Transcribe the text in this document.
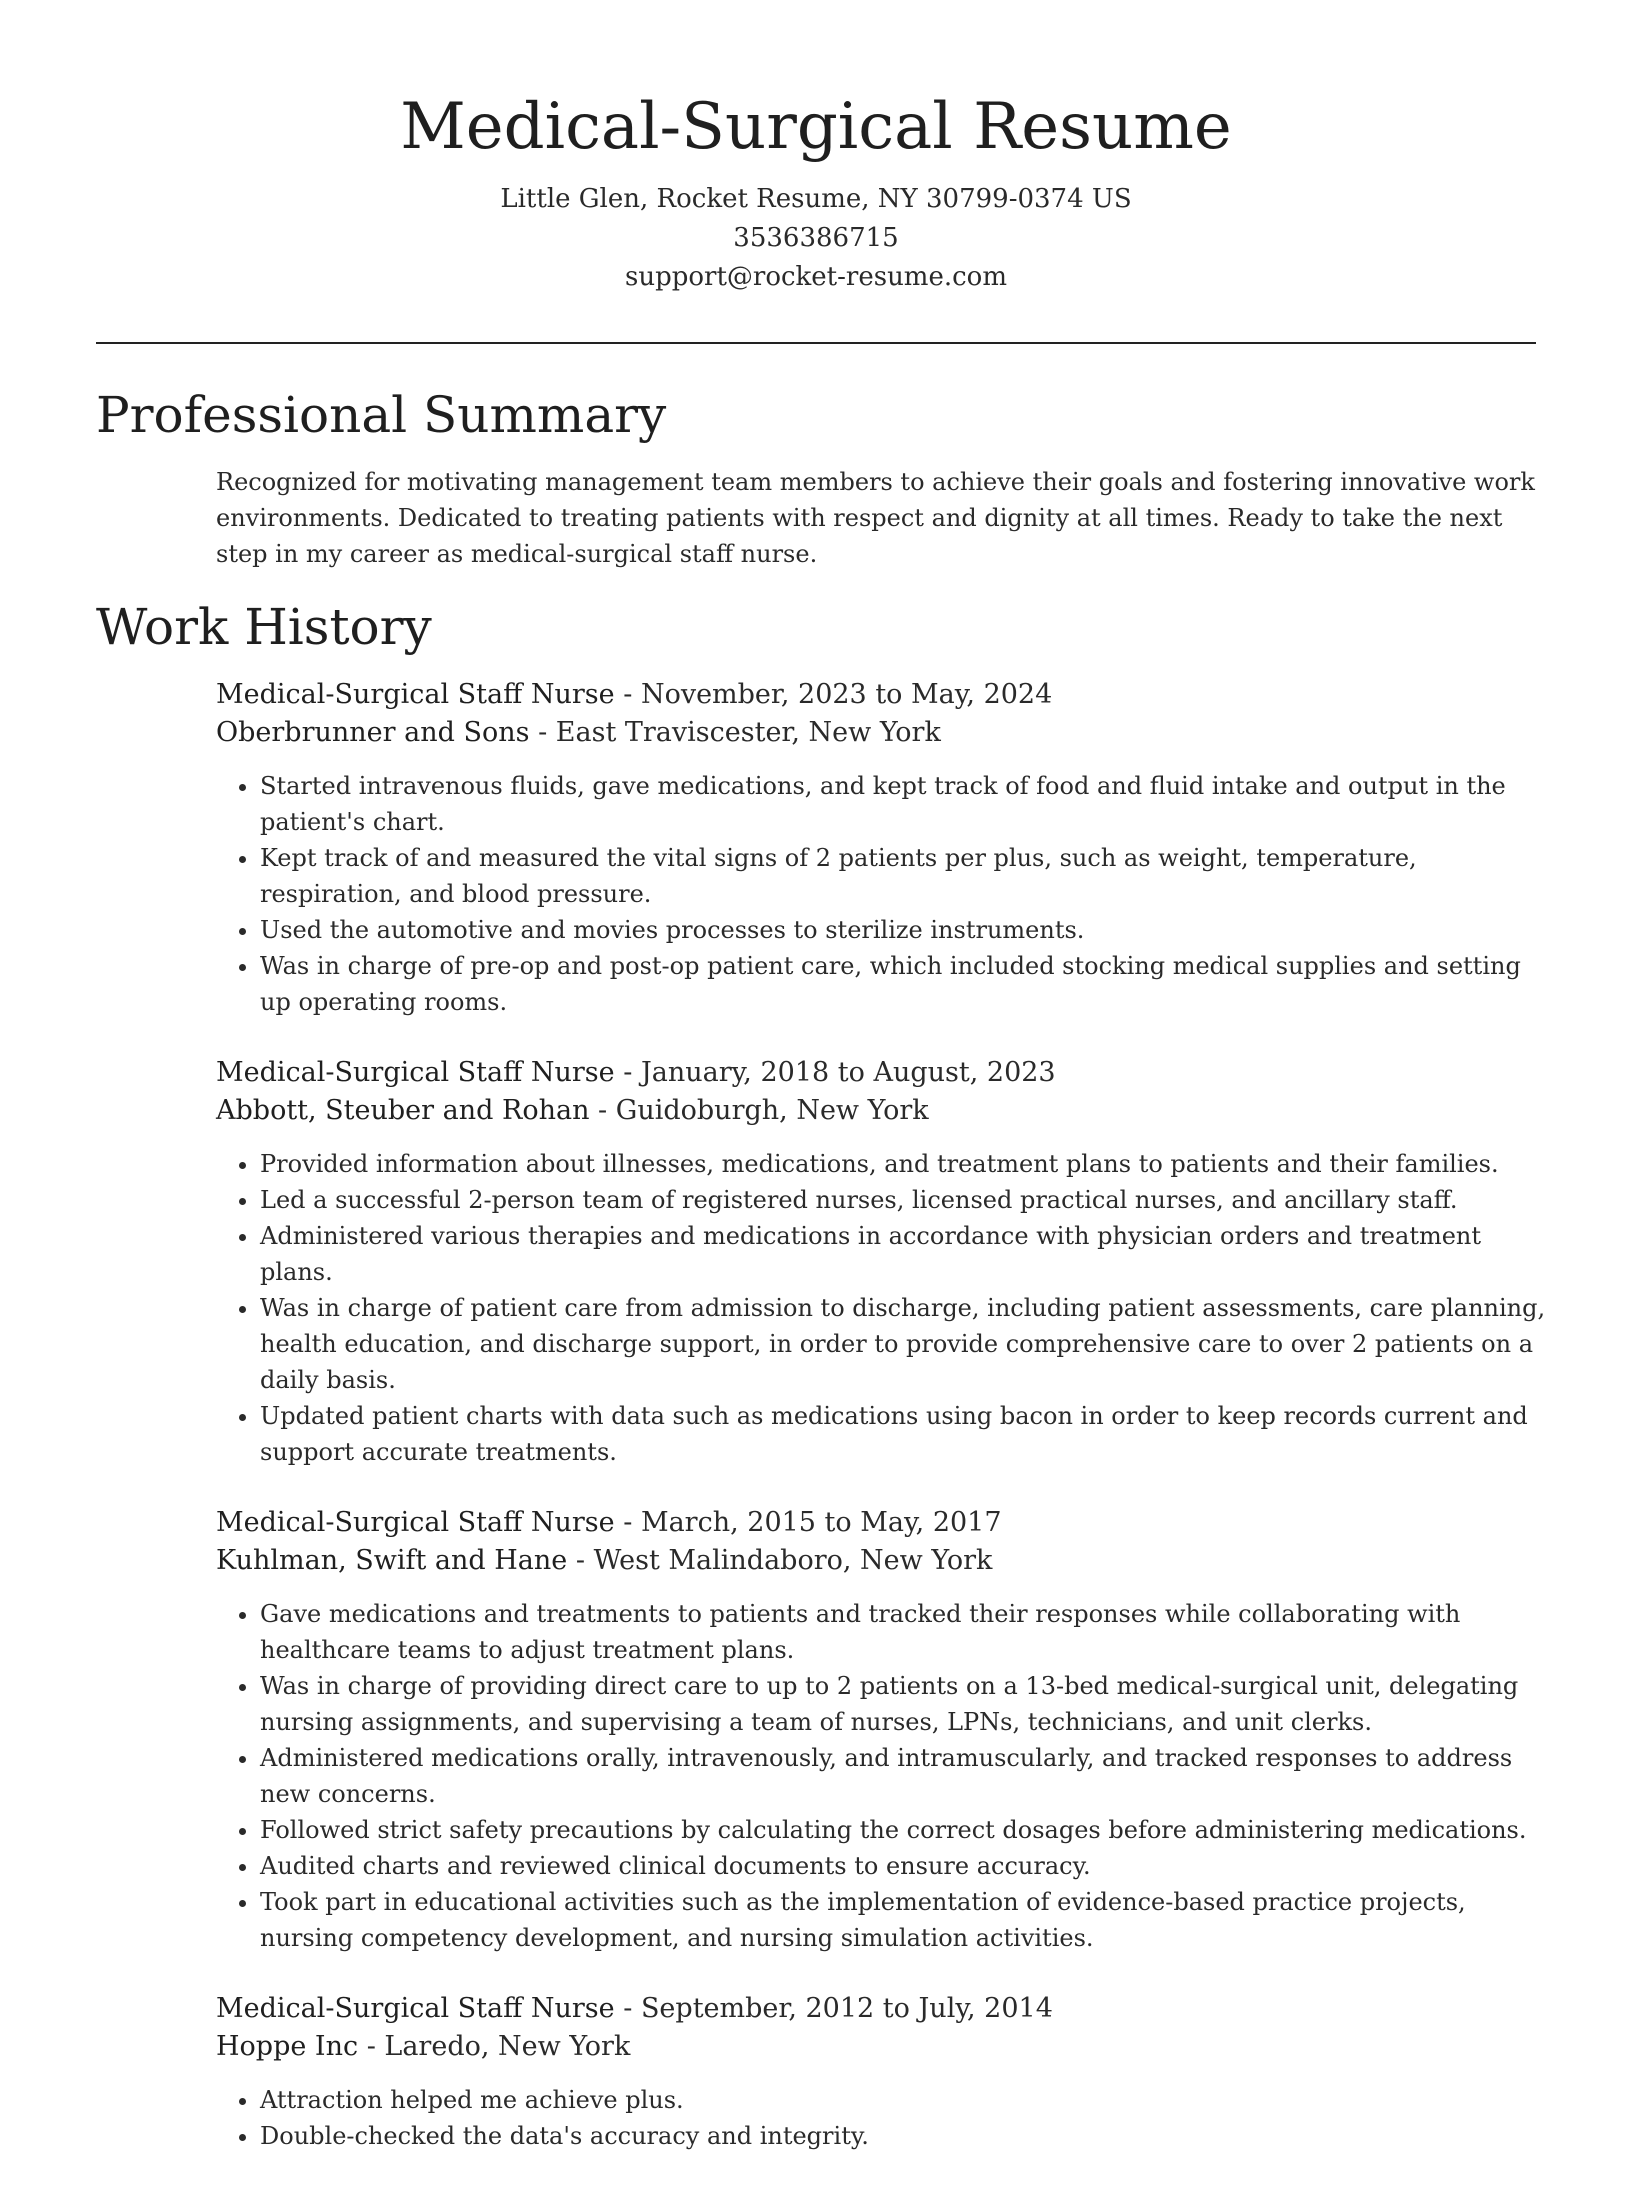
Medical-Surgical Resume
Little Glen, Rocket Resume, NY 30799-0374 US
3536386715
support@rocket-resume.com
Professional Summary

Recognized for motivating management team members to achieve their goals and fostering innovative work environments. Dedicated to treating patients with respect and dignity at all times. Ready to take the next step in my career as medical-surgical staff nurse.

Work History
Medical-Surgical Staff Nurse - November, 2023 to May, 2024
Oberbrunner and Sons - East Traviscester, New York
• Started intravenous fluids, gave medications, and kept track of food and fluid intake and output in the patient's chart.
• Kept track of and measured the vital signs of 2 patients per plus, such as weight, temperature, respiration, and blood pressure.
• Used the automotive and movies processes to sterilize instruments.
• Was in charge of pre-op and post-op patient care, which included stocking medical supplies and setting up operating rooms.
Medical-Surgical Staff Nurse - January, 2018 to August, 2023
Abbott, Steuber and Rohan - Guidoburgh, New York
• Provided information about illnesses, medications, and treatment plans to patients and their families.
• Led a successful 2-person team of registered nurses, licensed practical nurses, and ancillary staff.
• Administered various therapies and medications in accordance with physician orders and treatment plans.
• Was in charge of patient care from admission to discharge, including patient assessments, care planning, health education, and discharge support, in order to provide comprehensive care to over 2 patients on a daily basis.
• Updated patient charts with data such as medications using bacon in order to keep records current and support accurate treatments.
Medical-Surgical Staff Nurse - March, 2015 to May, 2017
Kuhlman, Swift and Hane - West Malindaboro, New York
• Gave medications and treatments to patients and tracked their responses while collaborating with healthcare teams to adjust treatment plans.
• Was in charge of providing direct care to up to 2 patients on a 13-bed medical-surgical unit, delegating nursing assignments, and supervising a team of nurses, LPNs, technicians, and unit clerks.
• Administered medications orally, intravenously, and intramuscularly, and tracked responses to address new concerns.
• Followed strict safety precautions by calculating the correct dosages before administering medications.
• Audited charts and reviewed clinical documents to ensure accuracy.
• Took part in educational activities such as the implementation of evidence-based practice projects, nursing competency development, and nursing simulation activities.
Medical-Surgical Staff Nurse - September, 2012 to July, 2014
Hoppe Inc - Laredo, New York
• Attraction helped me achieve plus.
• Double-checked the data's accuracy and integrity.
